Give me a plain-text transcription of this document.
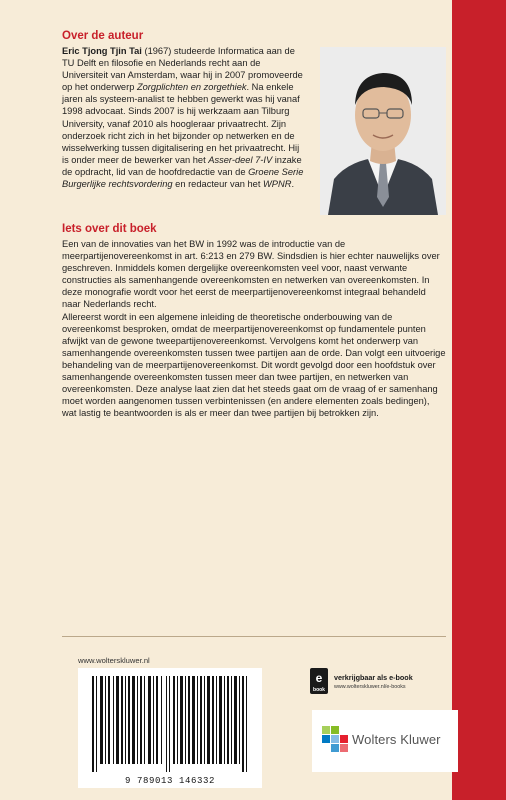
Over de auteur

Eric Tjong Tjin Tai (1967) studeerde Informatica aan de TU Delft en filosofie en Nederlands recht aan de Universiteit van Amsterdam, waar hij in 2007 promoveerde op het onderwerp Zorgplichten en zorgethiek. Na enkele jaren als systeem-analist te hebben gewerkt was hij vanaf 1998 advocaat. Sinds 2007 is hij werkzaam aan Tilburg University, vanaf 2010 als hoogleraar privaatrecht. Zijn onderzoek richt zich in het bijzonder op netwerken en de wisselwerking tussen digitalisering en het privaatrecht. Hij is onder meer de bewerker van het Asser-deel 7-IV inzake de opdracht, lid van de hoofdredactie van de Groene Serie Burgerlijke rechtsvordering en redacteur van het WPNR.

Iets over dit boek

Een van de innovaties van het BW in 1992 was de introductie van de meerpartijenovereenkomst in art. 6:213 en 279 BW. Sindsdien is hier echter nauwelijks over geschreven. Inmiddels komen dergelijke overeenkomsten veel voor, naast verwante constructies als samenhangende overeenkomsten en netwerken van overeenkomsten. In deze monografie wordt voor het eerst de meerpartijenovereenkomst integraal behandeld naar Nederlands recht.

Allereerst wordt in een algemene inleiding de theoretische onderbouwing van de overeenkomst besproken, omdat de meerpartijenovereenkomst op fundamentele punten afwijkt van de gewone tweepartijenovereenkomst. Vervolgens komt het onderwerp van samenhangende overeenkomsten tussen twee partijen aan de orde. Dan volgt een uitvoerige behandeling van de meerpartijenovereenkomst. Dit wordt gevolgd door een hoofdstuk over samenhangende overeenkomsten tussen meer dan twee partijen, en netwerken van overeenkomsten. Deze analyse laat zien dat het steeds gaat om de vraag of er samenhang moet worden aangenomen tussen verbintenissen (en andere elementen zoals bedingen), wat lastig te beantwoorden is als er meer dan twee partijen bij betrokken zijn.

www.wolterskluwer.nl
9 789013 146332
e
book
verkrijgbaar als e-book
www.wolterskluwer.nl/e-books
Wolters Kluwer
